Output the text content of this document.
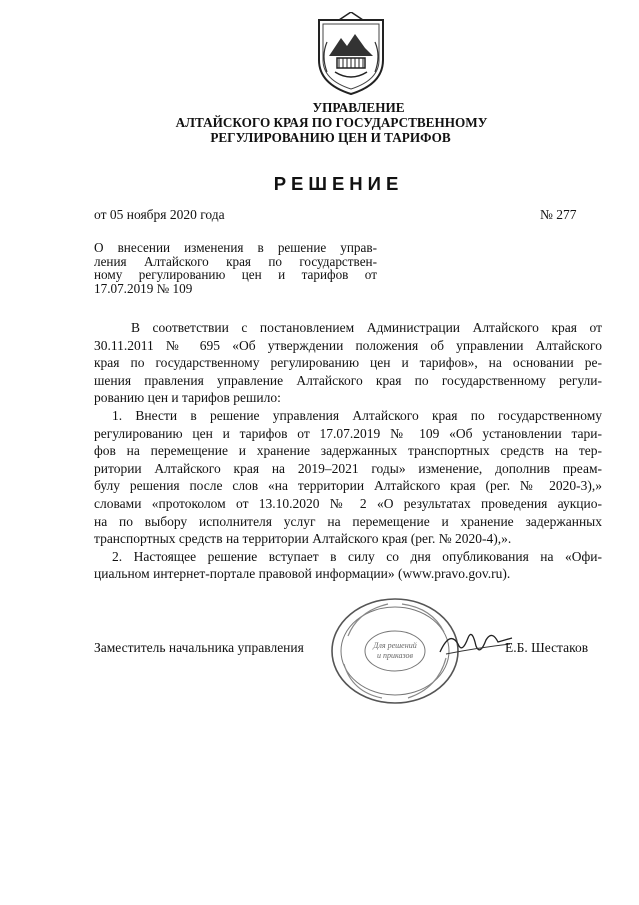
УПРАВЛЕНИЕ
АЛТАЙСКОГО КРАЯ ПО ГОСУДАРСТВЕННОМУ
РЕГУЛИРОВАНИЮ ЦЕН И ТАРИФОВ
РЕШЕНИЕ
от 05 ноября 2020 года	№ 277
О внесении изменения в решение управ-
ления Алтайского края по государствен-
ному регулированию цен и тарифов от
17.07.2019 № 109
В соответствии с постановлением Администрации Алтайского края от
30.11.2011 № 695 «Об утверждении положения об управлении Алтайского
края по государственному регулированию цен и тарифов», на основании ре-
шения правления управление Алтайского края по государственному регули-
рованию цен и тарифов решило:
1. Внести в решение управления Алтайского края по государственному
регулированию цен и тарифов от 17.07.2019 № 109 «Об установлении тари-
фов на перемещение и хранение задержанных транспортных средств на тер-
ритории Алтайского края на 2019–2021 годы» изменение, дополнив преам-
булу решения после слов «на территории Алтайского края (рег. № 2020-3),»
словами «протоколом от 13.10.2020 № 2 «О результатах проведения аукцио-
на по выбору исполнителя услуг на перемещение и хранение задержанных
транспортных средств на территории Алтайского края (рег. № 2020-4),».
2. Настоящее решение вступает в силу со дня опубликования на «Офи-
циальном интернет-портале правовой информации» (www.pravo.gov.ru).
Заместитель начальника управления	Для решений
и приказов
Е.Б. Шестаков
